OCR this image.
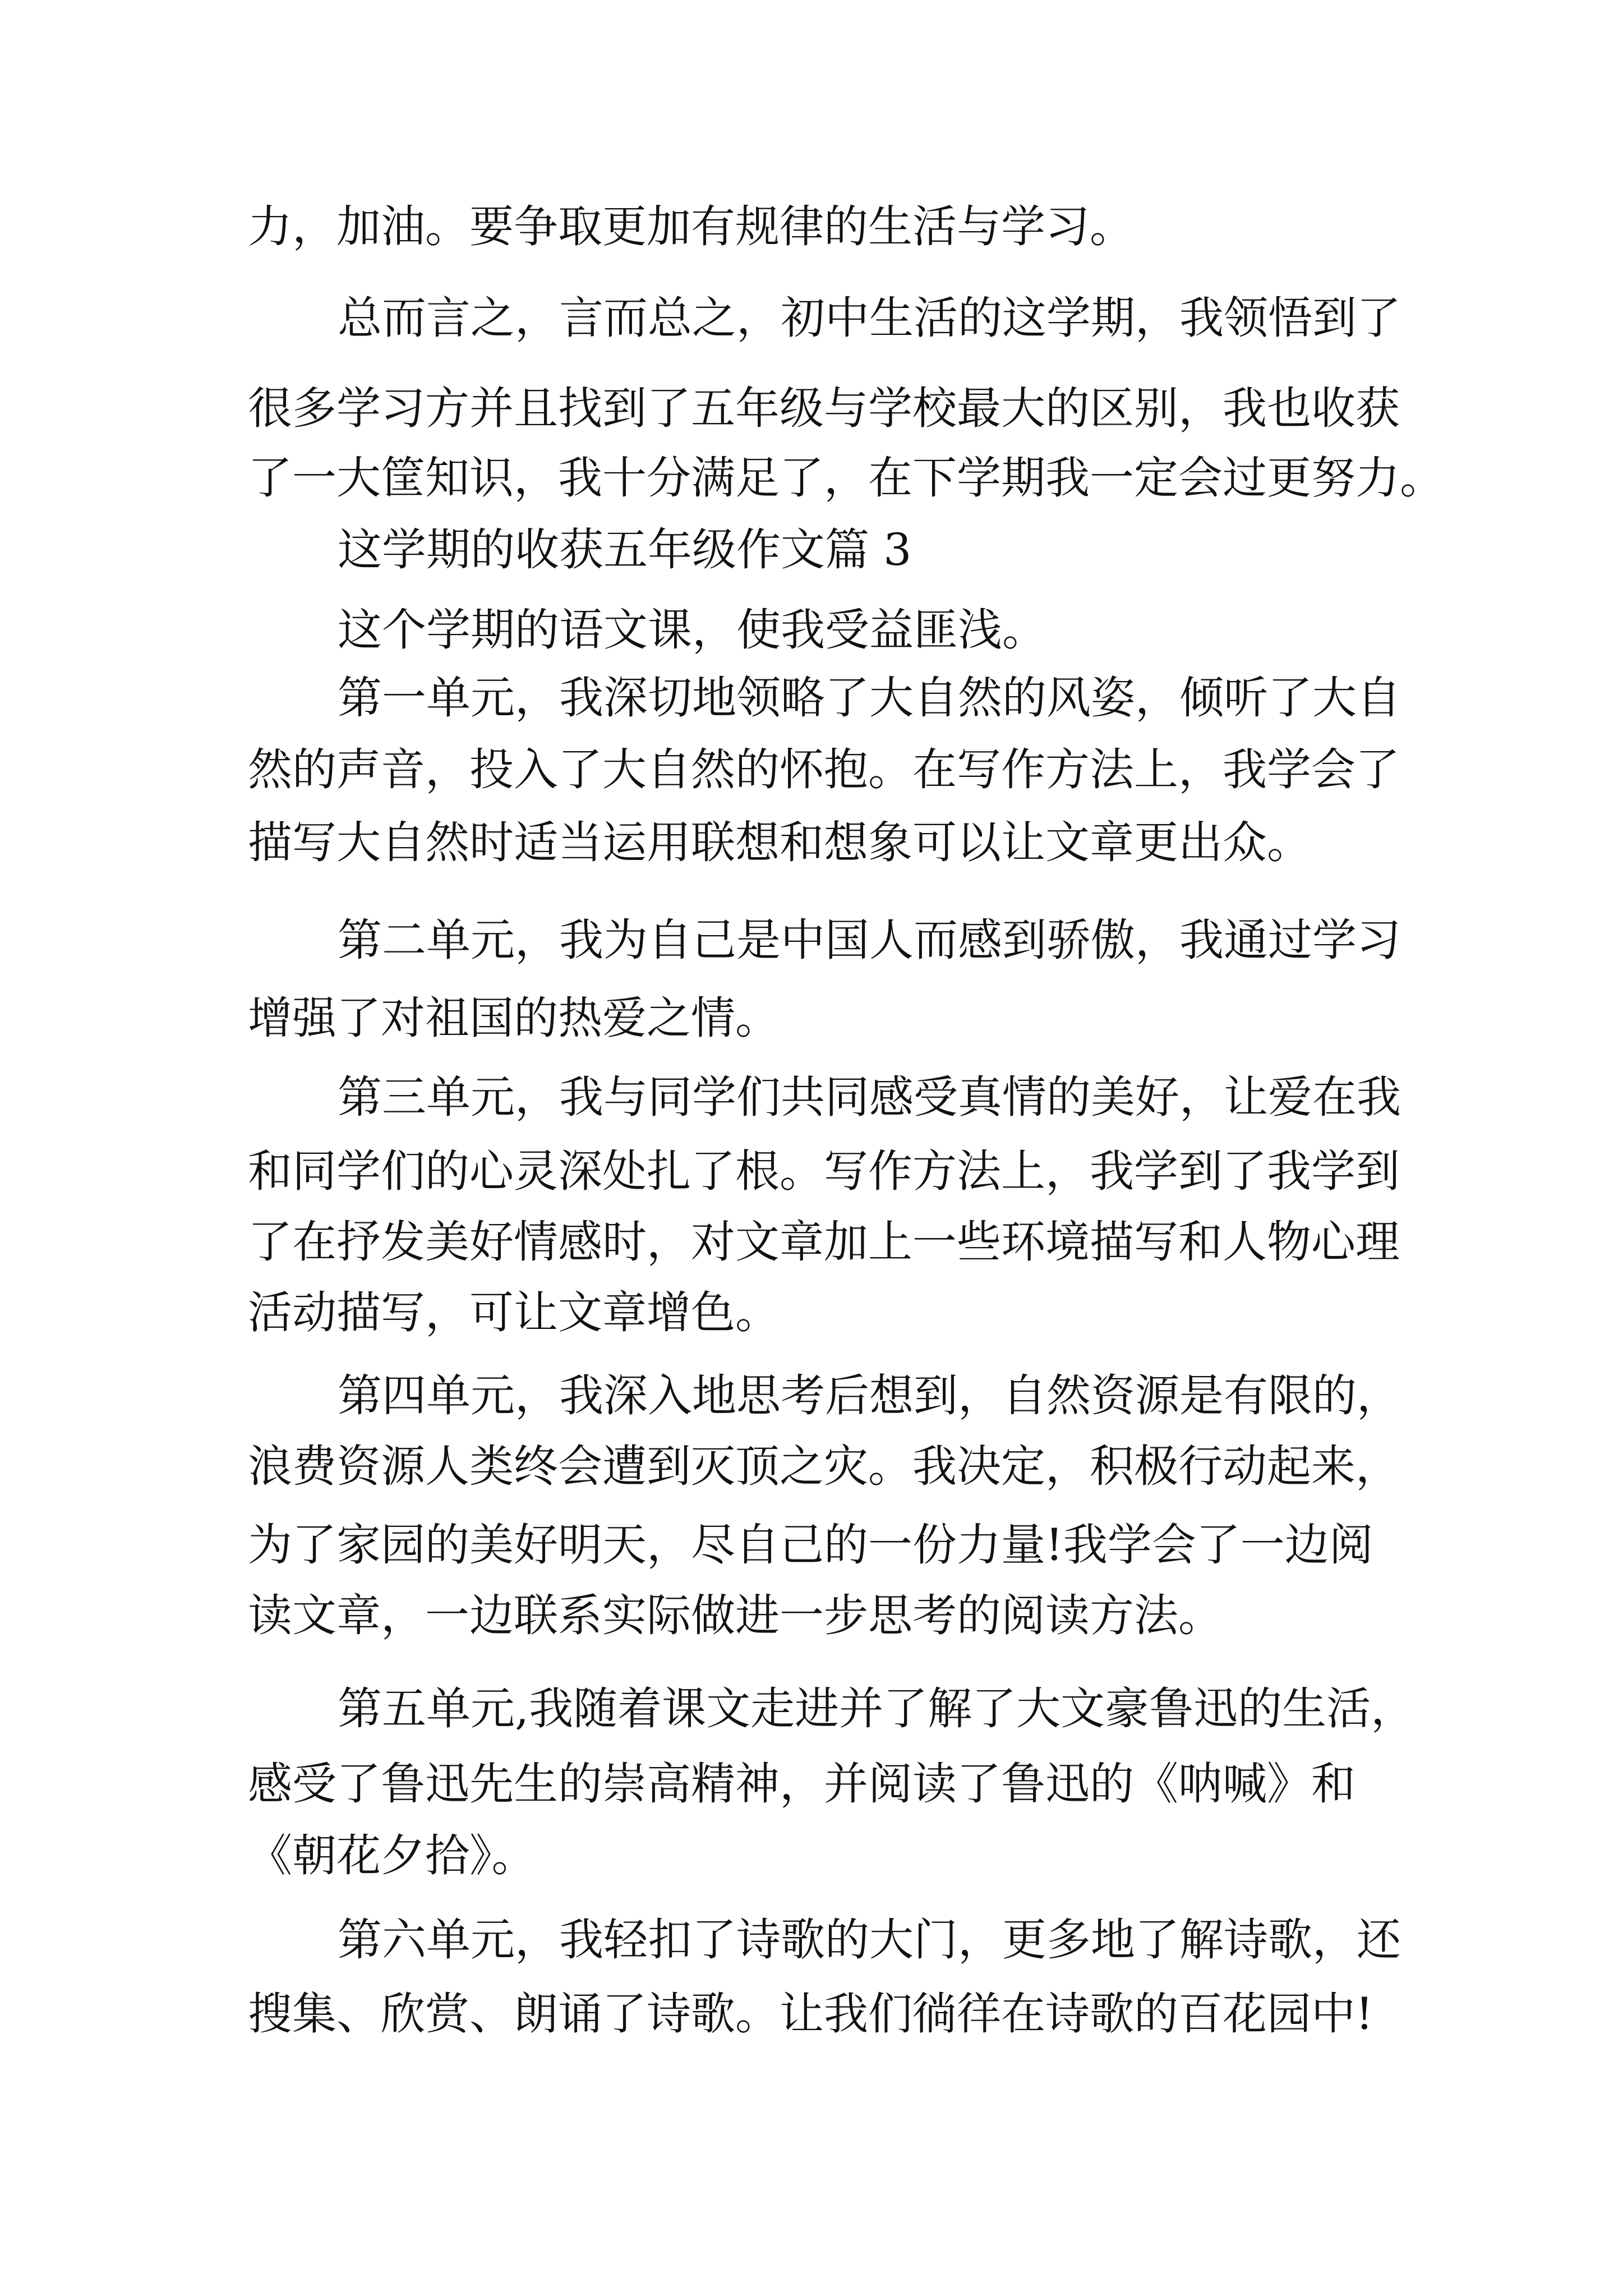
力，加油。要争取更加有规律的生活与学习。

总而言之，言而总之，初中生活的这学期，我领悟到了

很多学习方并且找到了五年级与学校最大的区别，我也收获

了一大筐知识，我十分满足了，在下学期我一定会过更努力。

这学期的收获五年级作文篇 3

这个学期的语文课，使我受益匪浅。

第一单元，我深切地领略了大自然的风姿，倾听了大自

然的声音，投入了大自然的怀抱。在写作方法上，我学会了

描写大自然时适当运用联想和想象可以让文章更出众。

第二单元，我为自己是中国人而感到骄傲，我通过学习

增强了对祖国的热爱之情。

第三单元，我与同学们共同感受真情的美好，让爱在我

和同学们的心灵深处扎了根。写作方法上，我学到了我学到

了在抒发美好情感时，对文章加上一些环境描写和人物心理

活动描写，可让文章增色。

第四单元，我深入地思考后想到，自然资源是有限的，

浪费资源人类终会遭到灭顶之灾。我决定，积极行动起来，

为了家园的美好明天，尽自己的一份力量!我学会了一边阅

读文章，一边联系实际做进一步思考的阅读方法。

第五单元,我随着课文走进并了解了大文豪鲁迅的生活，

感受了鲁迅先生的崇高精神，并阅读了鲁迅的《呐喊》和

《朝花夕拾》。

第六单元，我轻扣了诗歌的大门，更多地了解诗歌，还

搜集、欣赏、朗诵了诗歌。让我们徜徉在诗歌的百花园中!
